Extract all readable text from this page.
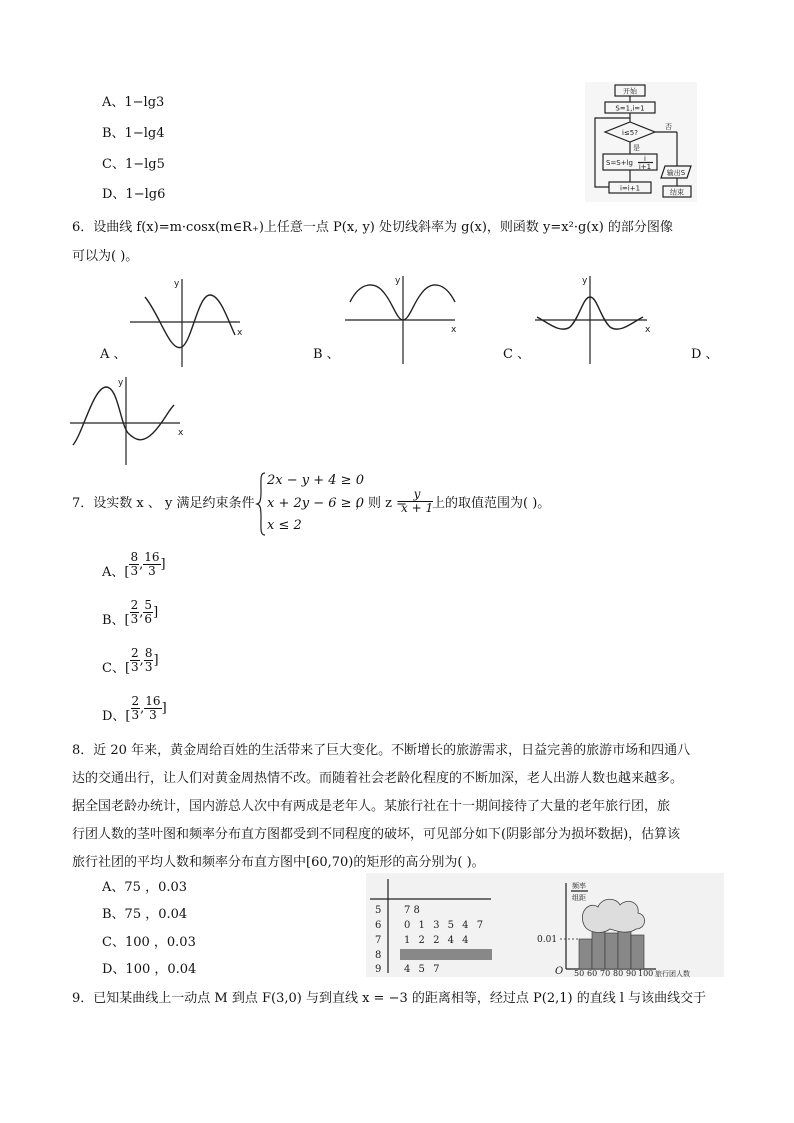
A、1−lg3
B、1−lg4
C、1−lg5
D、1−lg6
开始
S=1,i=1
i≤5?
否
输出S
结束
是
S=S+lg i
i+1
i=i+1
6．设曲线 f(x)=m·cosx(m∈R₊)上任意一点 P(x, y) 处切线斜率为 g(x)，则函数 y=x²·g(x) 的部分图像
可以为( )。
y
x
A 、
y
x
B 、
y
x
C 、	D 、
y
x
7．设实数 x 、 y 满足约束条件
2x − y + 4 ≥ 0
x + 2y − 6 ≥ 0
x ≤ 2
，则 z =
$\frac{y}{x + 1}$
上的取值范围为( )。
A、[ $\frac{8}{3}$ , $\frac{16}{3}$ ]
B、[ $\frac{2}{3}$ , $\frac{5}{6}$ ]
C、[ $\frac{2}{3}$ , $\frac{8}{3}$ ]
D、[ $\frac{2}{3}$ , $\frac{16}{3}$ ]
8．近 20 年来，黄金周给百姓的生活带来了巨大变化。不断增长的旅游需求，日益完善的旅游市场和四通八
达的交通出行，让人们对黄金周热情不改。而随着社会老龄化程度的不断加深，老人出游人数也越来越多。
据全国老龄办统计，国内游总人次中有两成是老年人。某旅行社在十一期间接待了大量的老年旅行团，旅
行团人数的茎叶图和频率分布直方图都受到不同程度的破坏，可见部分如下(阴影部分为损坏数据)，估算该
旅行社团的平均人数和频率分布直方图中[60,70)的矩形的高分别为( )。
A、75 ，0.03
B、75 ，0.04
C、100 ，0.03
D、100 ，0.04
5 7 8
6 0 1 3 5 4 7
7 1 2 2 4 4
8
9 4 5 7
频率
组距
0.01
O 50 60 70 80 90 100 旅行团人数
9．已知某曲线上一动点 M 到点 F(3,0) 与到直线 x = −3 的距离相等，经过点 P(2,1) 的直线 l 与该曲线交于
